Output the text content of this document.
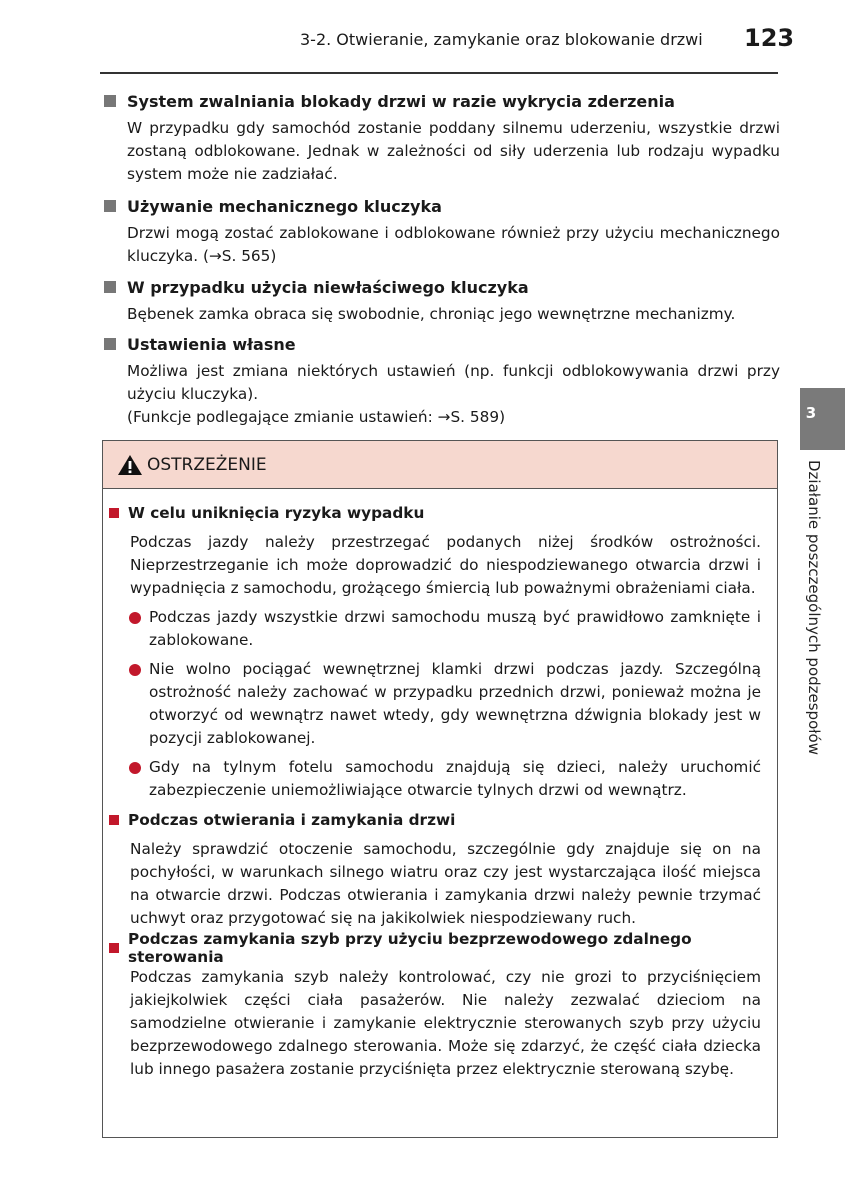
3-2. Otwieranie, zamykanie oraz blokowanie drzwi 123
3
Działanie poszczególnych podzespołów
System zwalniania blokady drzwi w razie wykrycia zderzenia
W przypadku gdy samochód zostanie poddany silnemu uderzeniu, wszystkie drzwi zostaną odblokowane. Jednak w zależności od siły uderzenia lub rodzaju wypadku system może nie zadziałać.
Używanie mechanicznego kluczyka
Drzwi mogą zostać zablokowane i odblokowane również przy użyciu mechanicznego kluczyka. (→S. 565)
W przypadku użycia niewłaściwego kluczyka
Bębenek zamka obraca się swobodnie, chroniąc jego wewnętrzne mechanizmy.
Ustawienia własne
Możliwa jest zmiana niektórych ustawień (np. funkcji odblokowywania drzwi przy użyciu kluczyka).
(Funkcje podlegające zmianie ustawień: →S. 589)
OSTRZEŻENIE
W celu uniknięcia ryzyka wypadku
Podczas jazdy należy przestrzegać podanych niżej środków ostrożności. Nieprzestrzeganie ich może doprowadzić do niespodziewanego otwarcia drzwi i wypadnięcia z samochodu, grożącego śmiercią lub poważnymi obrażeniami ciała.
Podczas jazdy wszystkie drzwi samochodu muszą być prawidłowo zamknięte i zablokowane.
Nie wolno pociągać wewnętrznej klamki drzwi podczas jazdy. Szczególną ostrożność należy zachować w przypadku przednich drzwi, ponieważ można je otworzyć od wewnątrz nawet wtedy, gdy wewnętrzna dźwignia blokady jest w pozycji zablokowanej.
Gdy na tylnym fotelu samochodu znajdują się dzieci, należy uruchomić zabezpieczenie uniemożliwiające otwarcie tylnych drzwi od wewnątrz.
Podczas otwierania i zamykania drzwi
Należy sprawdzić otoczenie samochodu, szczególnie gdy znajduje się on na pochyłości, w warunkach silnego wiatru oraz czy jest wystarczająca ilość miejsca na otwarcie drzwi. Podczas otwierania i zamykania drzwi należy pewnie trzymać uchwyt oraz przygotować się na jakikolwiek niespodziewany ruch.
Podczas zamykania szyb przy użyciu bezprzewodowego zdalnego sterowania
Podczas zamykania szyb należy kontrolować, czy nie grozi to przyciśnięciem jakiejkolwiek części ciała pasażerów. Nie należy zezwalać dzieciom na samodzielne otwieranie i zamykanie elektrycznie sterowanych szyb przy użyciu bezprzewodowego zdalnego sterowania. Może się zdarzyć, że część ciała dziecka lub innego pasażera zostanie przyciśnięta przez elektrycznie sterowaną szybę.
